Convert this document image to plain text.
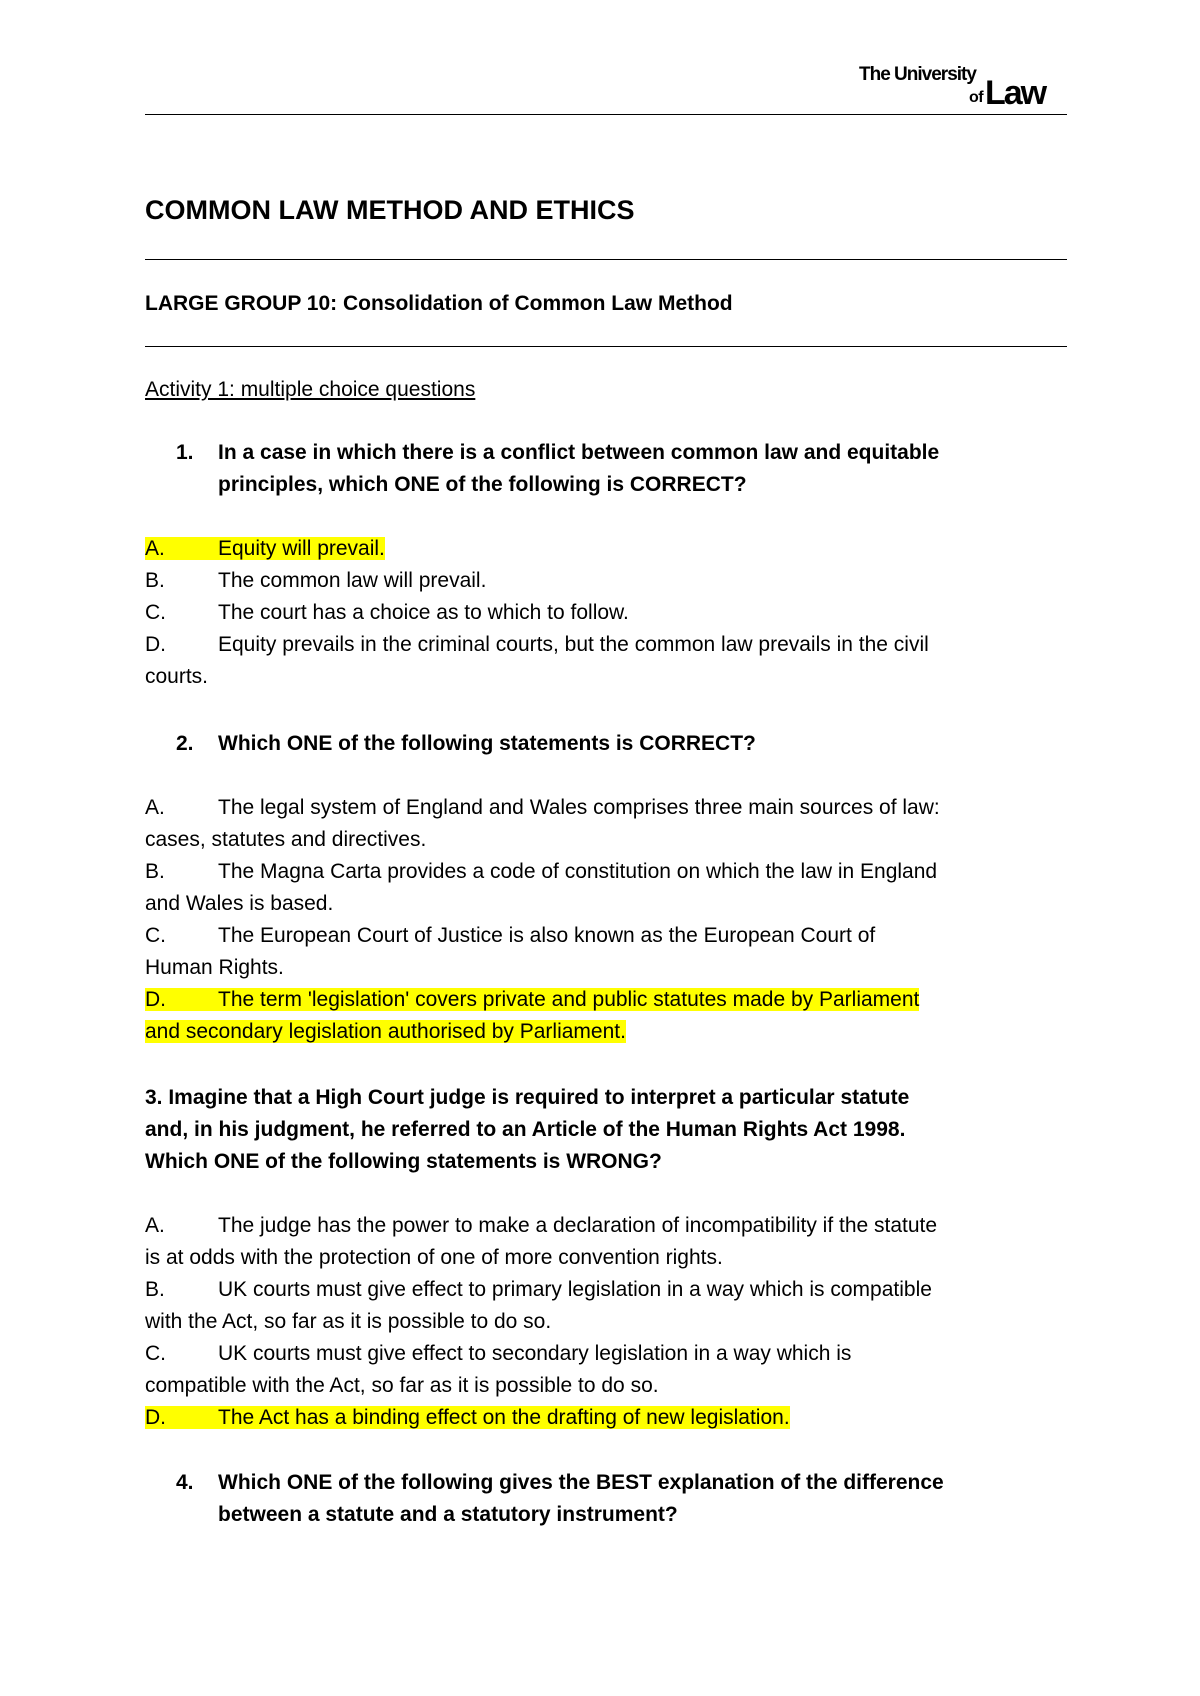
The University
of Law
COMMON LAW METHOD AND ETHICS
LARGE GROUP 10: Consolidation of Common Law Method
Activity 1: multiple choice questions
1. In a case in which there is a conflict between common law and equitable
principles, which ONE of the following is CORRECT?
A.	Equity will prevail.
B.	The common law will prevail.
C. The court has a choice as to which to follow.
D. Equity prevails in the criminal courts, but the common law prevails in the civil
courts.
2. Which ONE of the following statements is CORRECT?
A.	The legal system of England and Wales comprises three main sources of law:
cases, statutes and directives.
B.	The Magna Carta provides a code of constitution on which the law in England
and Wales is based.
C. The European Court of Justice is also known as the European Court of
Human Rights.
D. The term 'legislation' covers private and public statutes made by Parliament
and secondary legislation authorised by Parliament.
3. Imagine that a High Court judge is required to interpret a particular statute
and, in his judgment, he referred to an Article of the Human Rights Act 1998.
Which ONE of the following statements is WRONG?
A.	The judge has the power to make a declaration of incompatibility if the statute
is at odds with the protection of one of more convention rights.
B.	UK courts must give effect to primary legislation in a way which is compatible
with the Act, so far as it is possible to do so.
C. UK courts must give effect to secondary legislation in a way which is
compatible with the Act, so far as it is possible to do so.
D. The Act has a binding effect on the drafting of new legislation.
4. Which ONE of the following gives the BEST explanation of the difference
between a statute and a statutory instrument?
